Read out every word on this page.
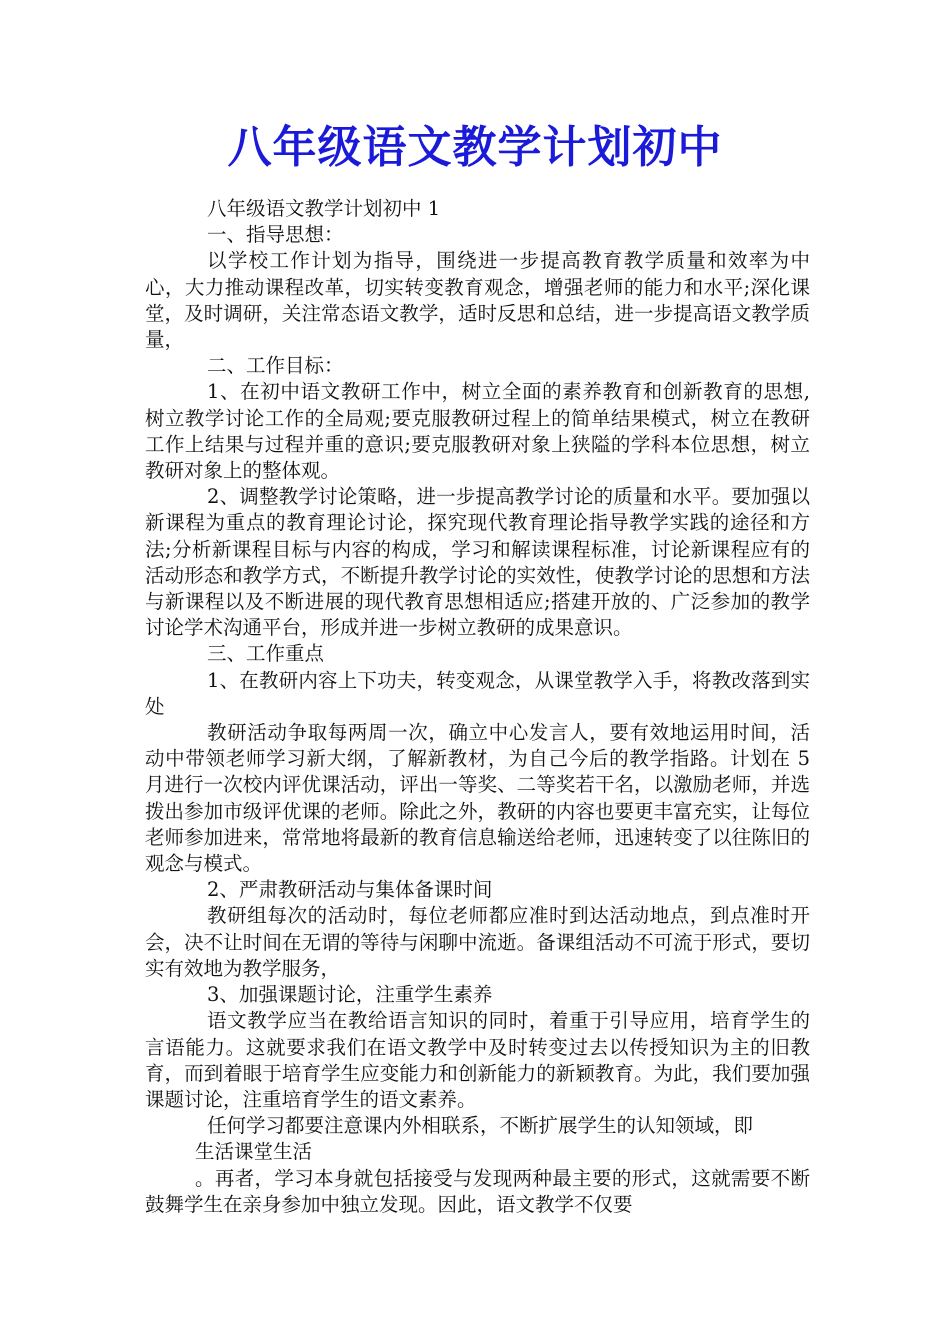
八年级语文教学计划初中

八年级语文教学计划初中 1

一、指导思想：

以学校工作计划为指导，围绕进一步提高教育教学质量和效率为中心，大力推动课程改革，切实转变教育观念，增强老师的能力和水平;深化课堂，及时调研，关注常态语文教学，适时反思和总结，进一步提高语文教学质量，

二、工作目标：

1、在初中语文教研工作中，树立全面的素养教育和创新教育的思想,树立教学讨论工作的全局观;要克服教研过程上的简单结果模式，树立在教研工作上结果与过程并重的意识;要克服教研对象上狭隘的学科本位思想，树立教研对象上的整体观。

2、调整教学讨论策略，进一步提高教学讨论的质量和水平。要加强以新课程为重点的教育理论讨论，探究现代教育理论指导教学实践的途径和方法;分析新课程目标与内容的构成，学习和解读课程标准，讨论新课程应有的活动形态和教学方式，不断提升教学讨论的实效性，使教学讨论的思想和方法与新课程以及不断进展的现代教育思想相适应;搭建开放的、广泛参加的教学讨论学术沟通平台，形成并进一步树立教研的成果意识。

三、工作重点

1、在教研内容上下功夫，转变观念，从课堂教学入手，将教改落到实处

教研活动争取每两周一次，确立中心发言人，要有效地运用时间，活动中带领老师学习新大纲，了解新教材，为自己今后的教学指路。计划在 5 月进行一次校内评优课活动，评出一等奖、二等奖若干名，以激励老师，并选拨出参加市级评优课的老师。除此之外，教研的内容也要更丰富充实，让每位老师参加进来，常常地将最新的教育信息输送给老师，迅速转变了以往陈旧的观念与模式。

2、严肃教研活动与集体备课时间

教研组每次的活动时，每位老师都应准时到达活动地点，到点准时开会，决不让时间在无谓的等待与闲聊中流逝。备课组活动不可流于形式，要切实有效地为教学服务，

3、加强课题讨论，注重学生素养

语文教学应当在教给语言知识的同时，着重于引导应用，培育学生的言语能力。这就要求我们在语文教学中及时转变过去以传授知识为主的旧教育，而到着眼于培育学生应变能力和创新能力的新颖教育。为此，我们要加强课题讨论，注重培育学生的语文素养。

任何学习都要注意课内外相联系，不断扩展学生的认知领域，即

生活课堂生活

。再者，学习本身就包括接受与发现两种最主要的形式，这就需要不断鼓舞学生在亲身参加中独立发现。因此，语文教学不仅要
